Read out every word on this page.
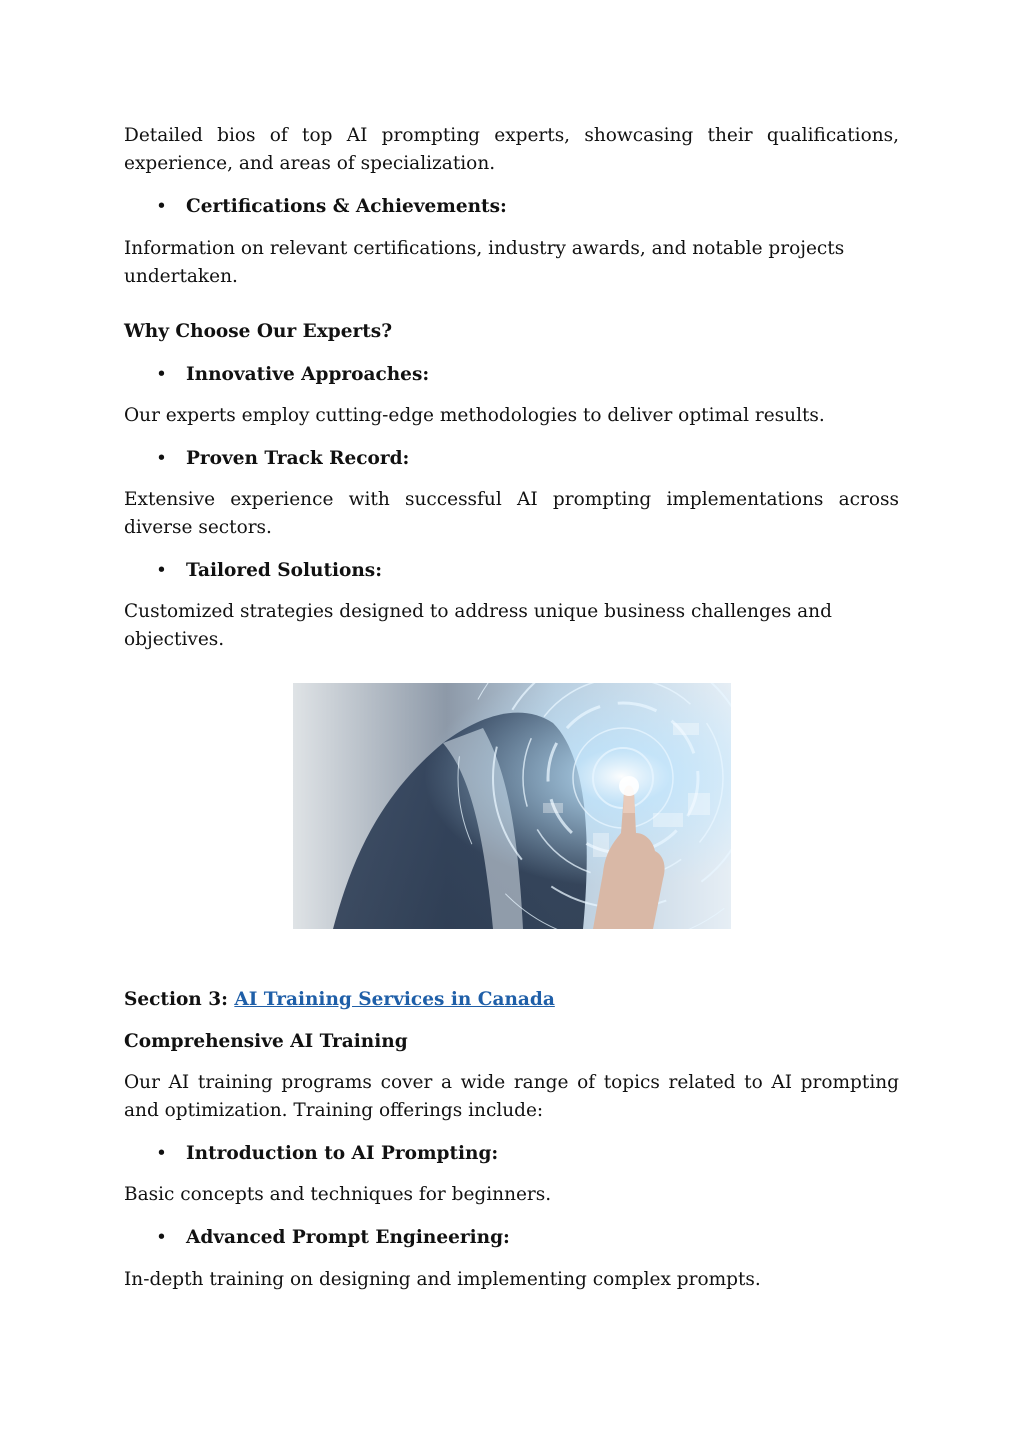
Detailed bios of top AI prompting experts, showcasing their qualifications, experience, and areas of specialization.
• Certifications & Achievements:
Information on relevant certifications, industry awards, and notable projects undertaken.
Why Choose Our Experts?
• Innovative Approaches:
Our experts employ cutting-edge methodologies to deliver optimal results.
• Proven Track Record:
Extensive experience with successful AI prompting implementations across diverse sectors.
• Tailored Solutions:
Customized strategies designed to address unique business challenges and objectives.
Section 3: AI Training Services in Canada
Comprehensive AI Training
Our AI training programs cover a wide range of topics related to AI prompting and optimization. Training offerings include:
• Introduction to AI Prompting:
Basic concepts and techniques for beginners.
• Advanced Prompt Engineering:
In-depth training on designing and implementing complex prompts.
